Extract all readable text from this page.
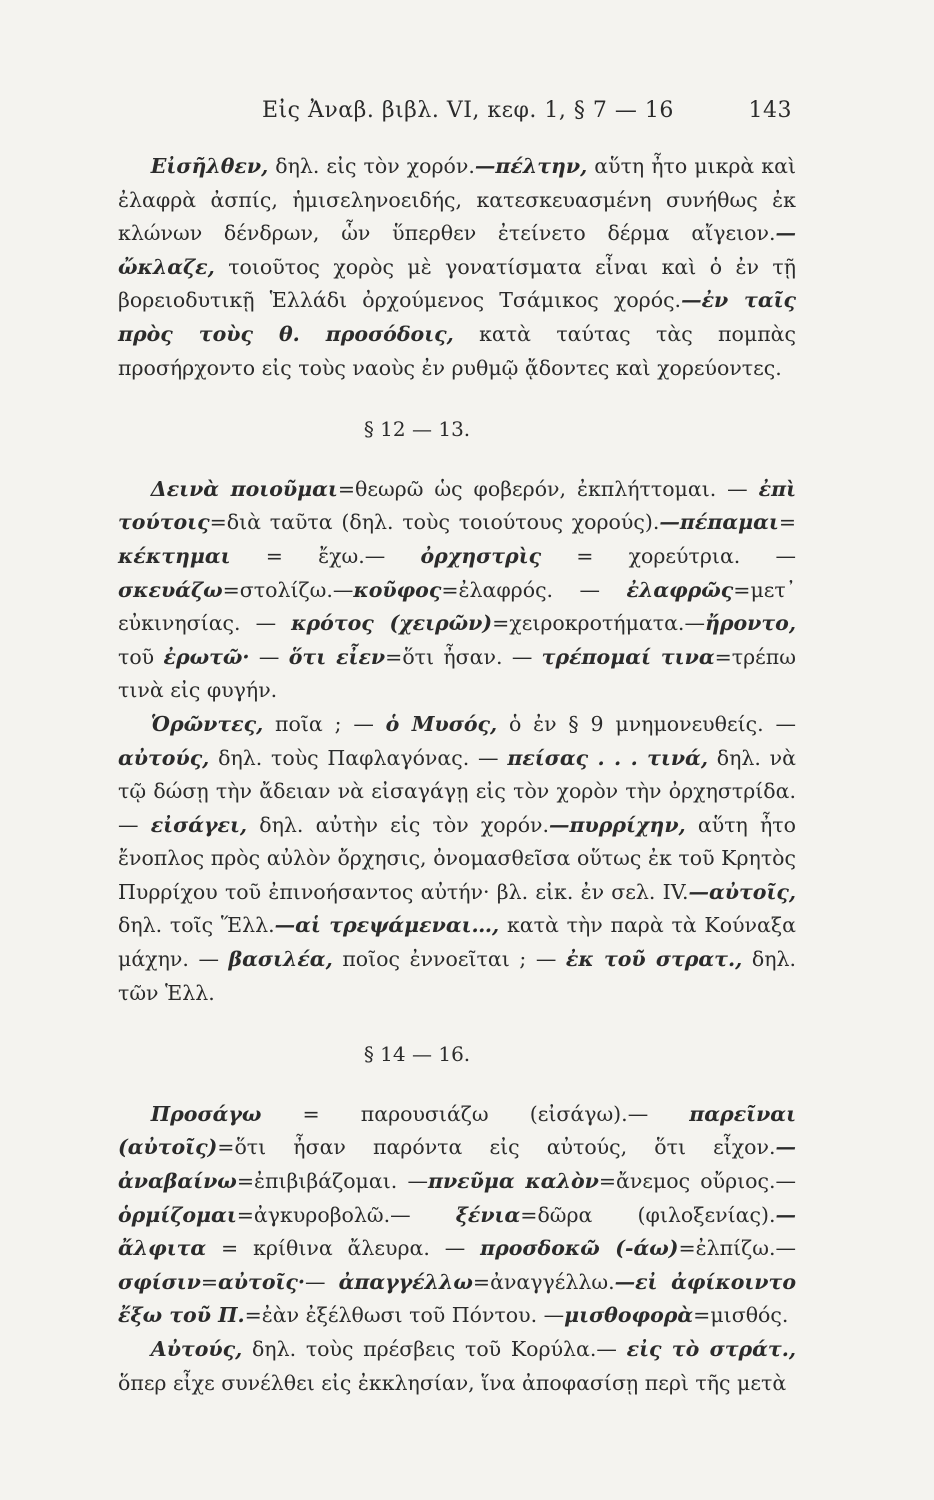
Εἰς Ἀναβ. βιβλ. VI, κεφ. 1, § 7 — 16	143

Εἰσῆλθεν, δηλ. εἰς τὸν χορόν.—πέλτην, αὕτη ἦτο μικρὰ καὶ ἐλαφρὰ ἀσπίς, ἡμισεληνοειδής, κατεσκευασμένη συνήθως ἐκ κλώνων δένδρων, ὧν ὕπερθεν ἐτείνετο δέρμα αἴγειον.—ὤκλαζε, τοιοῦτος χορὸς μὲ γονατίσματα εἶναι καὶ ὁ ἐν τῇ βορειοδυτικῇ Ἑλλάδι ὀρχούμενος Τσάμικος χορός.—ἐν ταῖς πρὸς τοὺς θ. προσόδοις, κατὰ ταύτας τὰς πομπὰς προσήρχοντο εἰς τοὺς ναοὺς ἐν ρυθμῷ ᾄδοντες καὶ χορεύοντες.

§ 12 — 13.

Δεινὰ ποιοῦμαι=θεωρῶ ὡς φοβερόν, ἐκπλήττομαι. — ἐπὶ τούτοις=διὰ ταῦτα (δηλ. τοὺς τοιούτους χορούς).—πέπαμαι= κέκτημαι = ἔχω.— ὀρχηστρὶς = χορεύτρια. — σκευάζω=στολίζω.—κοῦφος=ἐλαφρός. — ἐλαφρῶς=μετ᾿ εὐκινησίας. — κρότος (χειρῶν)=χειροκροτήματα.—ἤροντο, τοῦ ἐρωτῶ· — ὅτι εἶεν=ὅτι ἦσαν. — τρέπομαί τινα=τρέπω τινὰ εἰς φυγήν.

Ὁρῶντες, ποῖα ; — ὁ Μυσός, ὁ ἐν § 9 μνημονευθείς. — αὐτούς, δηλ. τοὺς Παφλαγόνας. — πείσας . . . τινά, δηλ. νὰ τῷ δώσῃ τὴν ἄδειαν νὰ εἰσαγάγῃ εἰς τὸν χορὸν τὴν ὀρχηστρίδα.— εἰσάγει, δηλ. αὐτὴν εἰς τὸν χορόν.—πυρρίχην, αὕτη ἦτο ἔνοπλος πρὸς αὐλὸν ὄρχησις, ὀνομασθεῖσα οὕτως ἐκ τοῦ Κρητὸς Πυρρίχου τοῦ ἐπινοήσαντος αὐτήν· βλ. εἰκ. ἐν σελ. IV.—αὐτοῖς, δηλ. τοῖς Ἕλλ.—αἱ τρεψάμεναι…, κατὰ τὴν παρὰ τὰ Κούναξα μάχην. — βασιλέα, ποῖος ἐννοεῖται ; — ἐκ τοῦ στρατ., δηλ. τῶν Ἑλλ.

§ 14 — 16.

Προσάγω = παρουσιάζω (εἰσάγω).— παρεῖναι (αὐτοῖς)=ὅτι ἦσαν παρόντα εἰς αὐτούς, ὅτι εἶχον.—ἀναβαίνω=ἐπιβιβάζομαι. —πνεῦμα καλὸν=ἄνεμος οὔριος.— ὁρμίζομαι=ἀγκυροβολῶ.— ξένια=δῶρα (φιλοξενίας).—ἄλφιτα = κρίθινα ἄλευρα. — προσδοκῶ (-άω)=ἐλπίζω.— σφίσιν=αὐτοῖς·— ἀπαγγέλλω=ἀναγγέλλω.—εἰ ἀφίκοιντο ἔξω τοῦ Π.=ἐὰν ἐξέλθωσι τοῦ Πόντου. —μισθοφορὰ=μισθός.

Αὐτούς, δηλ. τοὺς πρέσβεις τοῦ Κορύλα.— εἰς τὸ στράτ., ὅπερ εἶχε συνέλθει εἰς ἐκκλησίαν, ἵνα ἀποφασίσῃ περὶ τῆς μετὰ
